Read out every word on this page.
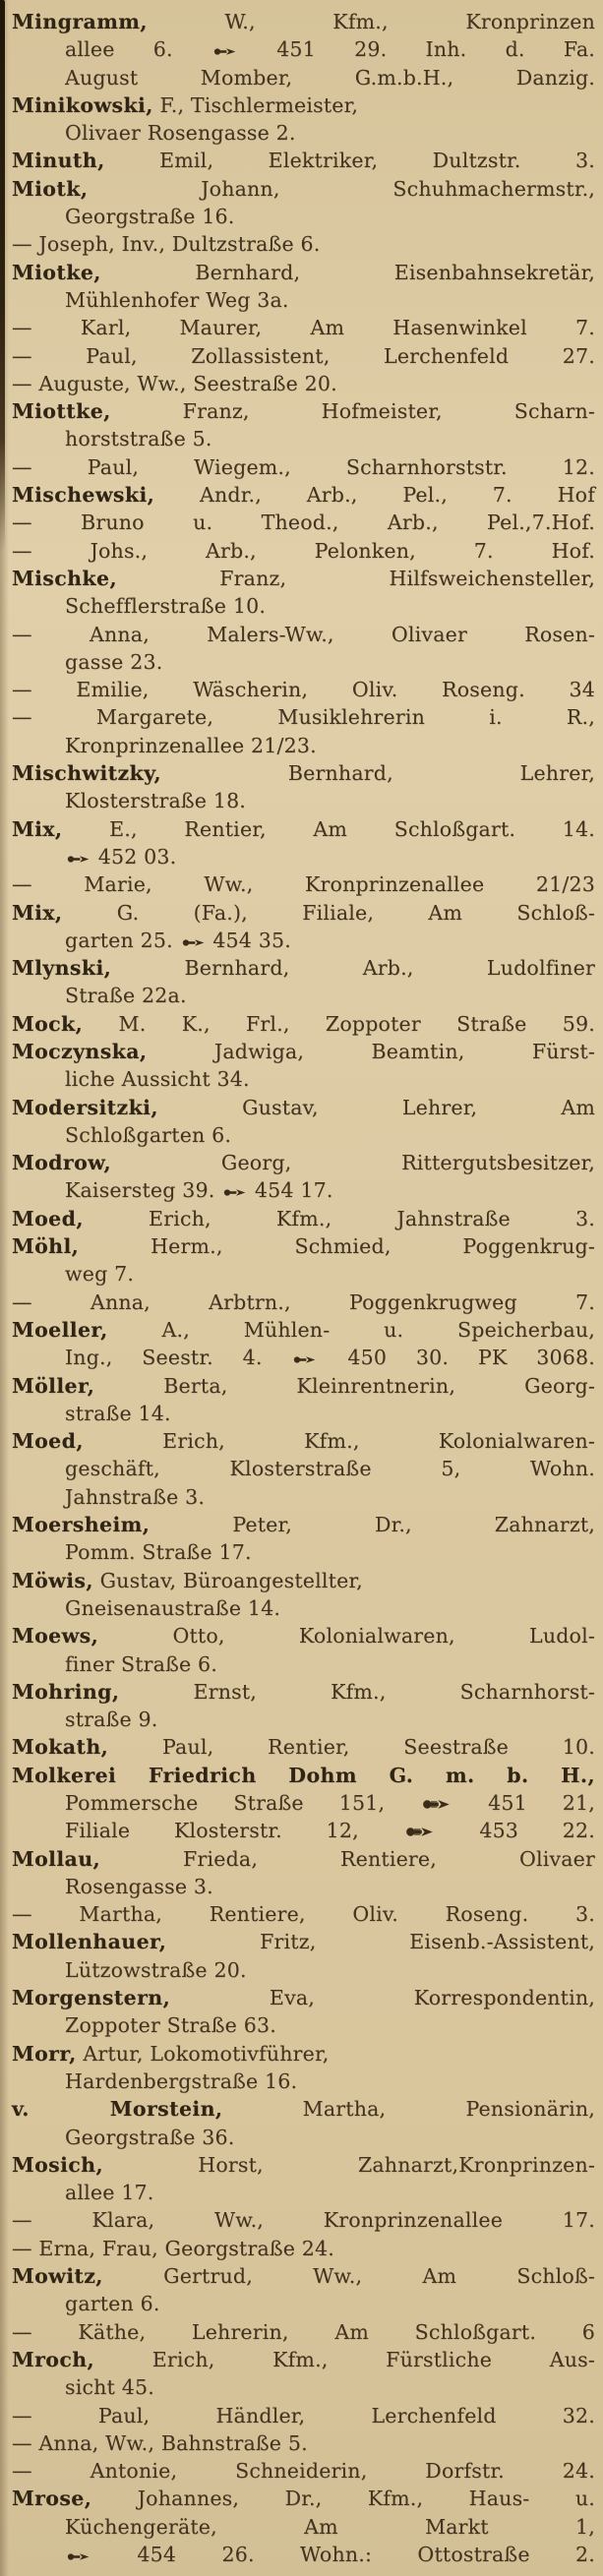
Mingramm, W., Kfm., Kronprinzen
allee 6.  451 29. Inh. d. Fa.
August Momber, G.m.b.H., Danzig.
Minikowski, F., Tischlermeister,
Olivaer Rosengasse 2.
Minuth, Emil, Elektriker, Dultzstr. 3.
Miotk, Johann, Schuhmachermstr.,
Georgstraße 16.
— Joseph, Inv., Dultzstraße 6.
Miotke, Bernhard, Eisenbahnsekretär,
Mühlenhofer Weg 3a.
— Karl, Maurer, Am Hasenwinkel 7.
— Paul, Zollassistent, Lerchenfeld 27.
— Auguste, Ww., Seestraße 20.
Miottke, Franz, Hofmeister, Scharn-
horststraße 5.
— Paul, Wiegem., Scharnhorststr. 12.
Mischewski, Andr., Arb., Pel., 7. Hof
— Bruno u. Theod., Arb., Pel.,7.Hof.
— Johs., Arb., Pelonken, 7. Hof.
Mischke, Franz, Hilfsweichensteller,
Schefflerstraße 10.
— Anna, Malers-Ww., Olivaer Rosen-
gasse 23.
— Emilie, Wäscherin, Oliv. Roseng. 34
— Margarete, Musiklehrerin i. R.,
Kronprinzenallee 21/23.
Mischwitzky, Bernhard, Lehrer,
Klosterstraße 18.
Mix, E., Rentier, Am Schloßgart. 14.
452 03.
— Marie, Ww., Kronprinzenallee 21/23
Mix, G. (Fa.), Filiale, Am Schloß-
garten 25.  454 35.
Mlynski, Bernhard, Arb., Ludolfiner
Straße 22a.
Mock, M. K., Frl., Zoppoter Straße 59.
Moczynska, Jadwiga, Beamtin, Fürst-
liche Aussicht 34.
Modersitzki, Gustav, Lehrer, Am
Schloßgarten 6.
Modrow, Georg, Rittergutsbesitzer,
Kaisersteg 39.  454 17.
Moed, Erich, Kfm., Jahnstraße 3.
Möhl, Herm., Schmied, Poggenkrug-
weg 7.
— Anna, Arbtrn., Poggenkrugweg 7.
Moeller, A., Mühlen- u. Speicherbau,
Ing., Seestr. 4.  450 30. PK 3068.
Möller, Berta, Kleinrentnerin, Georg-
straße 14.
Moed, Erich, Kfm., Kolonialwaren-
geschäft, Klosterstraße 5, Wohn.
Jahnstraße 3.
Moersheim, Peter, Dr., Zahnarzt,
Pomm. Straße 17.
Möwis, Gustav, Büroangestellter,
Gneisenaustraße 14.
Moews, Otto, Kolonialwaren, Ludol-
finer Straße 6.
Mohring, Ernst, Kfm., Scharnhorst-
straße 9.
Mokath, Paul, Rentier, Seestraße 10.
Molkerei Friedrich Dohm G. m. b. H.,
Pommersche Straße 151,  451 21,
Filiale Klosterstr. 12,  453 22.
Mollau, Frieda, Rentiere, Olivaer
Rosengasse 3.
— Martha, Rentiere, Oliv. Roseng. 3.
Mollenhauer, Fritz, Eisenb.-Assistent,
Lützowstraße 20.
Morgenstern, Eva, Korrespondentin,
Zoppoter Straße 63.
Morr, Artur, Lokomotivführer,
Hardenbergstraße 16.
v. Morstein, Martha, Pensionärin,
Georgstraße 36.
Mosich, Horst, Zahnarzt,Kronprinzen-
allee 17.
— Klara, Ww., Kronprinzenallee 17.
— Erna, Frau, Georgstraße 24.
Mowitz, Gertrud, Ww., Am Schloß-
garten 6.
— Käthe, Lehrerin, Am Schloßgart. 6
Mroch, Erich, Kfm., Fürstliche Aus-
sicht 45.
— Paul, Händler, Lerchenfeld 32.
— Anna, Ww., Bahnstraße 5.
— Antonie, Schneiderin, Dorfstr. 24.
Mrose, Johannes, Dr., Kfm., Haus- u.
Küchengeräte, Am Markt 1,
454 26. Wohn.: Ottostraße 2.
